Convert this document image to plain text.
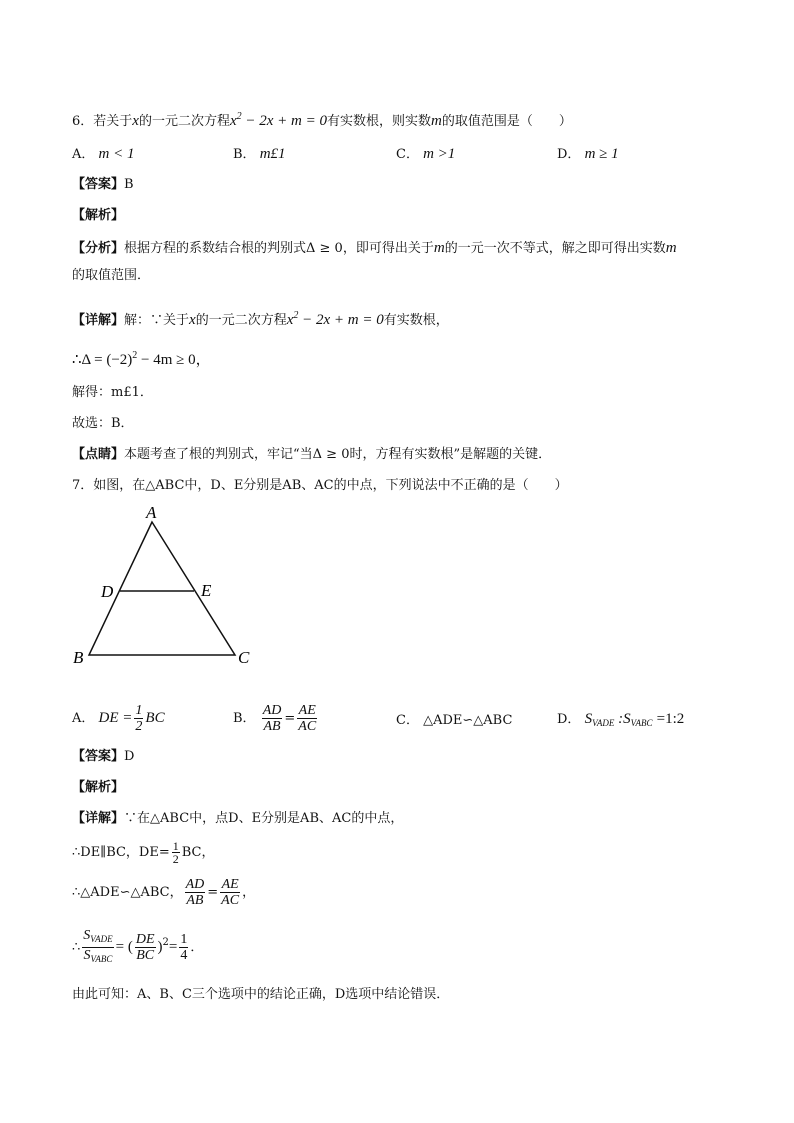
6．若关于x的一元二次方程$x^2 - 2x + m = 0$有实数根，则实数m的取值范围是（　　）
A． m < 1	B． m£1	C． m >1	D． m ≥ 1
【答案】B
【解析】
【分析】根据方程的系数结合根的判别式Δ ≥ 0，即可得出关于m的一元一次不等式，解之即可得出实数m
的取值范围．
【详解】解：∵关于x的一元二次方程$x^2 - 2x + m = 0$有实数根，
∴Δ = $(-2)^2 - 4m \ge 0$，
解得：m£1．
故选：B．
【点睛】本题考查了根的判别式，牢记“当Δ ≥ 0时，方程有实数根”是解题的关键．
7．如图，在△ABC中，D、E分别是AB、AC的中点，下列说法中不正确的是（　　）
A
D	E
B	C
A． DE = $\frac{1}{2}$ BC	B． $\frac{AD}{AB} = \frac{AE}{AC}$	C． △ADE∽△ABC	D． $S_{VADE}$ $:S_{VABC}$ =1:2
【答案】D
【解析】
【详解】∵在△ABC中，点D、E分别是AB、AC的中点，
∴DE∥BC，$DE= \frac{1}{2}$ BC，
∴△ADE∽△ABC， $\frac{AD}{AB} = \frac{AE}{AC}$ ，
∴ $\frac{S_{VADE}}{S_{VABC}}$ = ( $\frac{DE}{BC} )^2= \frac{1}{4}$ ．
由此可知：A、B、C三个选项中的结论正确，D选项中结论错误．
